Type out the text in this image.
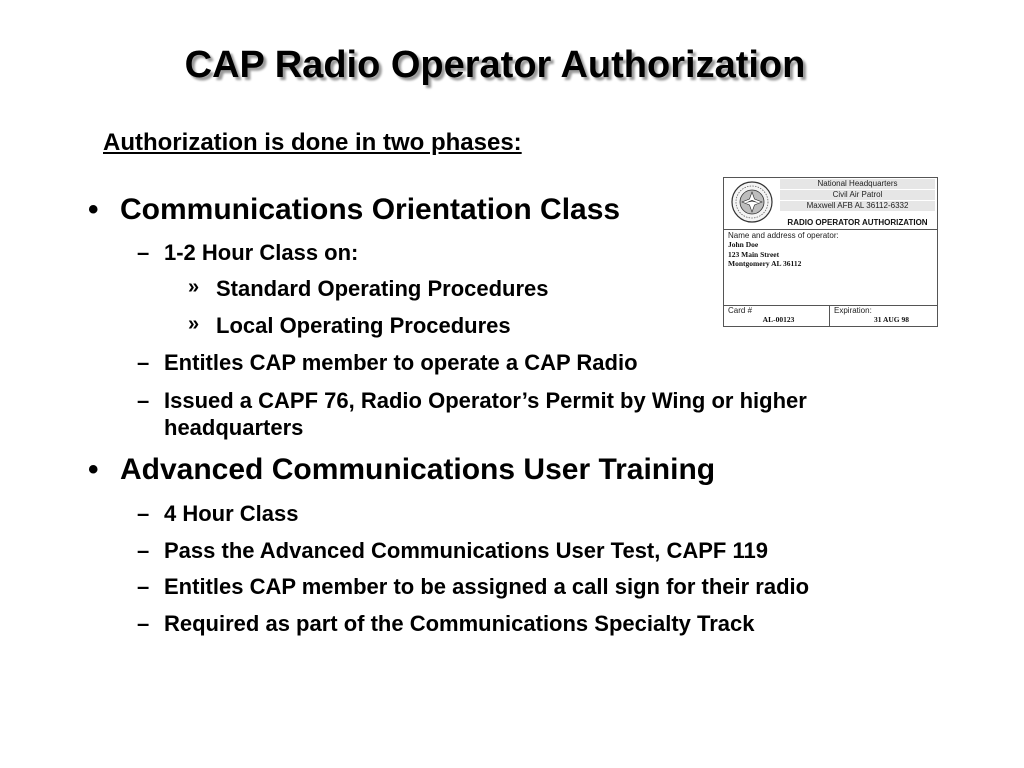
CAP Radio Operator Authorization
Authorization is done in two phases:
• Communications Orientation Class
– 1-2 Hour Class on:
» Standard Operating Procedures
» Local Operating Procedures
– Entitles CAP member to operate a CAP Radio
– Issued a CAPF 76, Radio Operator’s Permit by Wing or higher headquarters
• Advanced Communications User Training
– 4 Hour Class
– Pass the Advanced Communications User Test, CAPF 119
– Entitles CAP member to be assigned a call sign for their radio
– Required as part of the Communications Specialty Track
National Headquarters
Civil Air Patrol
Maxwell AFB AL 36112-6332
RADIO OPERATOR AUTHORIZATION
Name and address of operator:
John Doe
123 Main Street
Montgomery AL 36112
Card #
AL-00123
Expiration:
31 AUG 98
